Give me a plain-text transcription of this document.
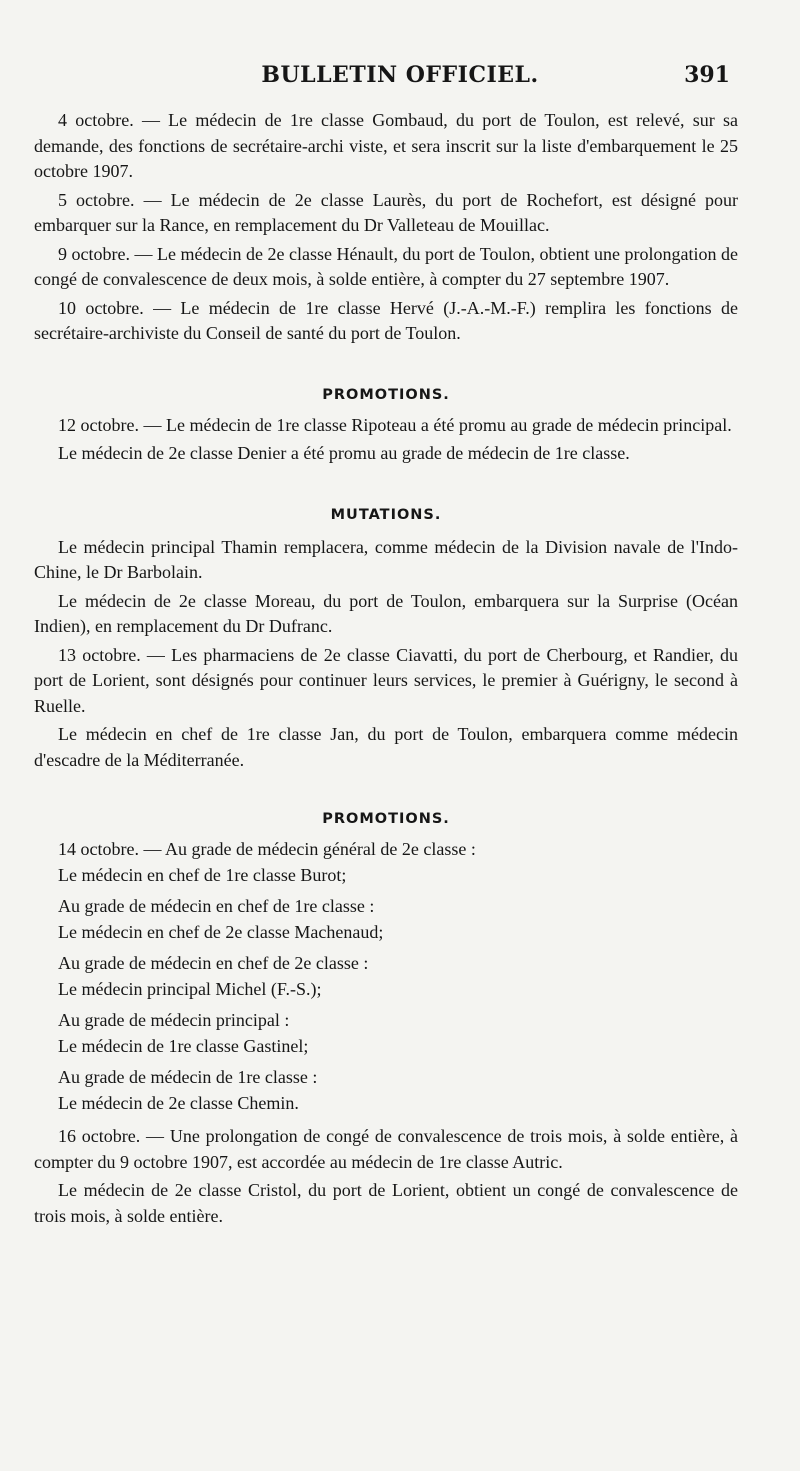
BULLETIN OFFICIEL.	391

4 octobre. — Le médecin de 1re classe Gombaud, du port de Toulon, est relevé, sur sa demande, des fonctions de secrétaire-archi viste, et sera inscrit sur la liste d'embarquement le 25 octobre 1907.

5 octobre. — Le médecin de 2e classe Laurès, du port de Rochefort, est désigné pour embarquer sur la Rance, en remplacement du Dr Valleteau de Mouillac.

9 octobre. — Le médecin de 2e classe Hénault, du port de Toulon, obtient une prolongation de congé de convalescence de deux mois, à solde entière, à compter du 27 septembre 1907.

10 octobre. — Le médecin de 1re classe Hervé (J.-A.-M.-F.) remplira les fonctions de secrétaire-archiviste du Conseil de santé du port de Toulon.

PROMOTIONS.

12 octobre. — Le médecin de 1re classe Ripoteau a été promu au grade de médecin principal.

Le médecin de 2e classe Denier a été promu au grade de médecin de 1re classe.

MUTATIONS.

Le médecin principal Thamin remplacera, comme médecin de la Division navale de l'Indo-Chine, le Dr Barbolain.

Le médecin de 2e classe Moreau, du port de Toulon, embarquera sur la Surprise (Océan Indien), en remplacement du Dr Dufranc.

13 octobre. — Les pharmaciens de 2e classe Ciavatti, du port de Cherbourg, et Randier, du port de Lorient, sont désignés pour continuer leurs services, le premier à Guérigny, le second à Ruelle.

Le médecin en chef de 1re classe Jan, du port de Toulon, embarquera comme médecin d'escadre de la Méditerranée.

PROMOTIONS.

14 octobre. — Au grade de médecin général de 2e classe :

Le médecin en chef de 1re classe Burot;

Au grade de médecin en chef de 1re classe :

Le médecin en chef de 2e classe Machenaud;

Au grade de médecin en chef de 2e classe :

Le médecin principal Michel (F.-S.);

Au grade de médecin principal :

Le médecin de 1re classe Gastinel;

Au grade de médecin de 1re classe :

Le médecin de 2e classe Chemin.

16 octobre. — Une prolongation de congé de convalescence de trois mois, à solde entière, à compter du 9 octobre 1907, est accordée au médecin de 1re classe Autric.

Le médecin de 2e classe Cristol, du port de Lorient, obtient un congé de convalescence de trois mois, à solde entière.
